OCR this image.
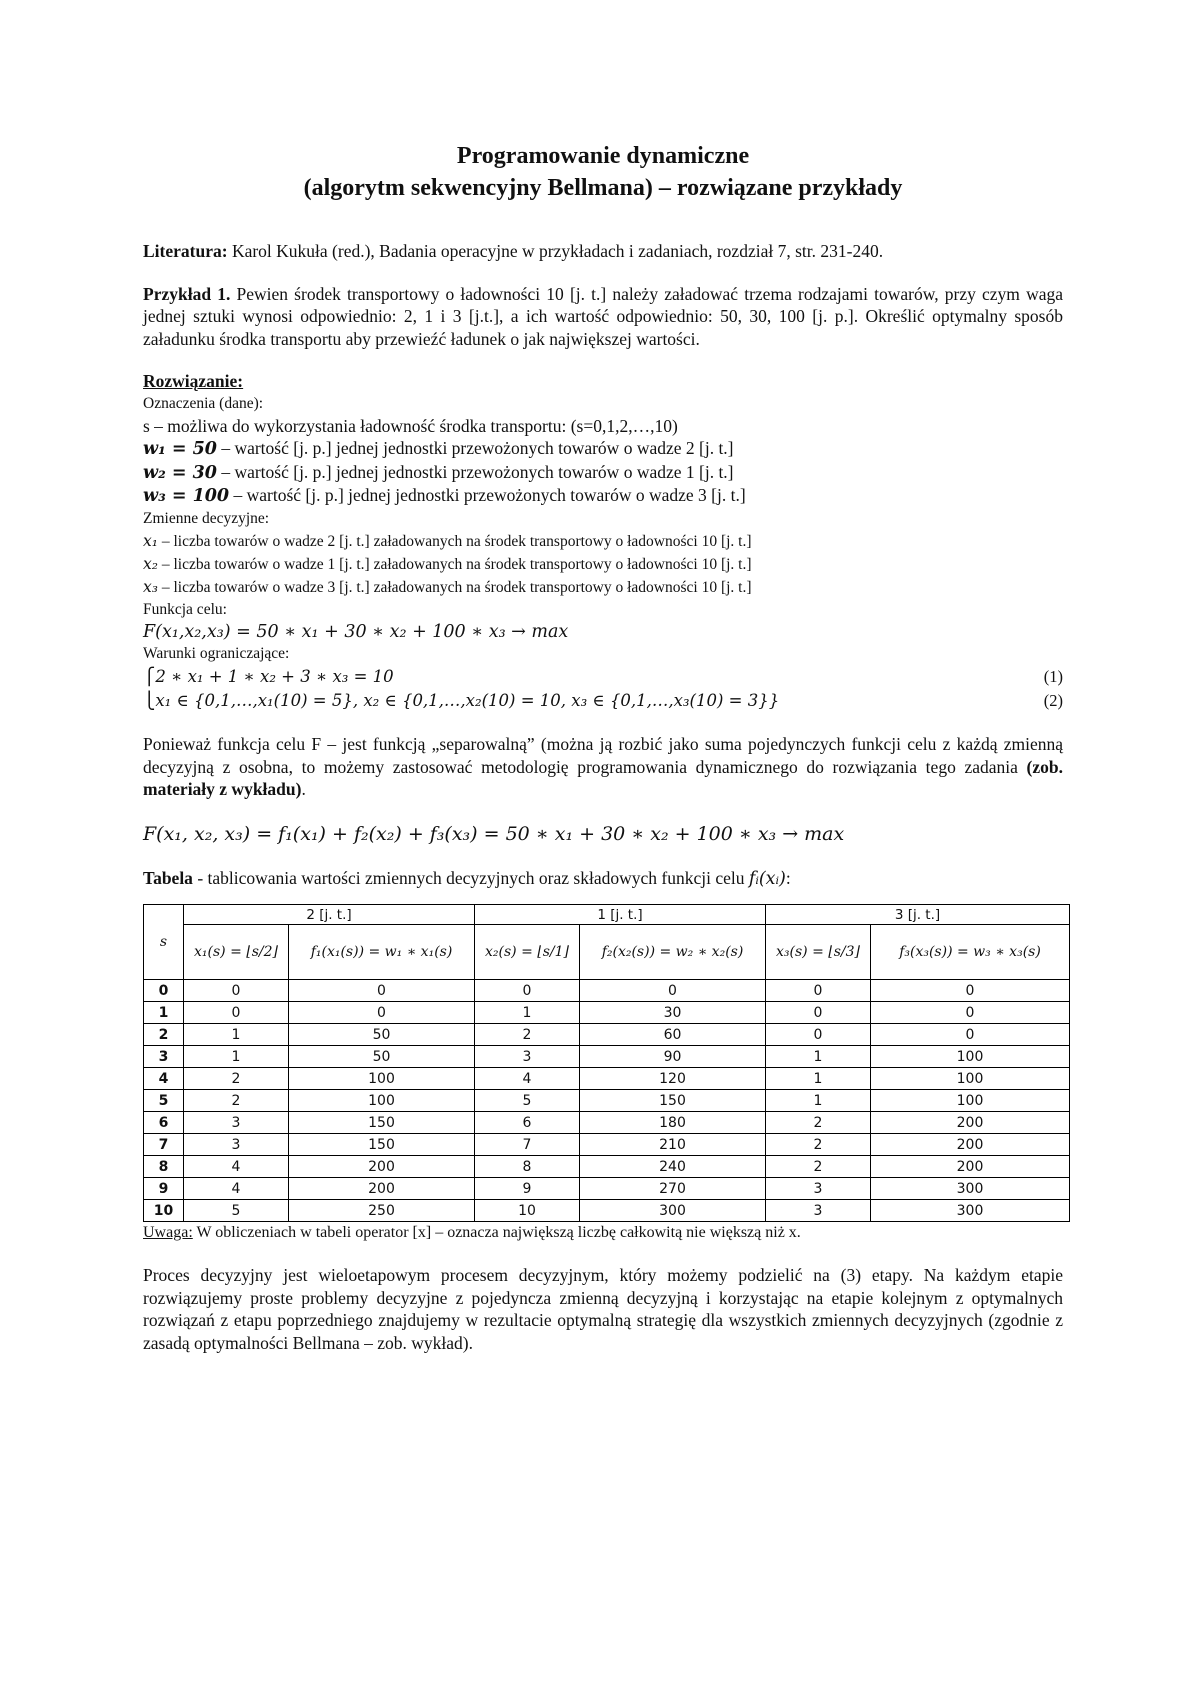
Programowanie dynamiczne

(algorytm sekwencyjny Bellmana) – rozwiązane przykłady

Literatura: Karol Kukuła (red.), Badania operacyjne w przykładach i zadaniach, rozdział 7, str. 231-240.

Przykład 1. Pewien środek transportowy o ładowności 10 [j. t.] należy załadować trzema rodzajami towarów, przy czym waga jednej sztuki wynosi odpowiednio: 2, 1 i 3 [j.t.], a ich wartość odpowiednio: 50, 30, 100 [j. p.]. Określić optymalny sposób załadunku środka transportu aby przewieźć ładunek o jak największej wartości.

Rozwiązanie:

Oznaczenia (dane):

s – możliwa do wykorzystania ładowność środka transportu: (s=0,1,2,…,10)

w₁ = 50 – wartość [j. p.] jednej jednostki przewożonych towarów o wadze 2 [j. t.]

w₂ = 30 – wartość [j. p.] jednej jednostki przewożonych towarów o wadze 1 [j. t.]

w₃ = 100 – wartość [j. p.] jednej jednostki przewożonych towarów o wadze 3 [j. t.]

Zmienne decyzyjne:

x₁ – liczba towarów o wadze 2 [j. t.] załadowanych na środek transportowy o ładowności 10 [j. t.]

x₂ – liczba towarów o wadze 1 [j. t.] załadowanych na środek transportowy o ładowności 10 [j. t.]

x₃ – liczba towarów o wadze 3 [j. t.] załadowanych na środek transportowy o ładowności 10 [j. t.]

Funkcja celu:

F(x₁,x₂,x₃) = 50 ∗ x₁ + 30 ∗ x₂ + 100 ∗ x₃ → max

Warunki ograniczające:

⎧2 ∗ x₁ + 1 ∗ x₂ + 3 ∗ x₃ = 10	(1)
⎩x₁ ∈ {0,1,…,x₁(10) = 5}, x₂ ∈ {0,1,…,x₂(10) = 10, x₃ ∈ {0,1,…,x₃(10) = 3}}	(2)

Ponieważ funkcja celu F – jest funkcją „separowalną” (można ją rozbić jako suma pojedynczych funkcji celu z każdą zmienną decyzyjną z osobna, to możemy zastosować metodologię programowania dynamicznego do rozwiązania tego zadania (zob. materiały z wykładu).

F(x₁, x₂, x₃) = f₁(x₁) + f₂(x₂) + f₃(x₃) = 50 ∗ x₁ + 30 ∗ x₂ + 100 ∗ x₃ → max

Tabela - tablicowania wartości zmiennych decyzyjnych oraz składowych funkcji celu fᵢ(xᵢ):

s	2 [j. t.]		1 [j. t.]		3 [j. t.]	
	x₁(s) = ⌊s/2⌋	f₁(x₁(s)) = w₁ ∗ x₁(s)	x₂(s) = ⌊s/1⌋	f₂(x₂(s)) = w₂ ∗ x₂(s)	x₃(s) = ⌊s/3⌋	f₃(x₃(s)) = w₃ ∗ x₃(s)
0	0	0	0	0	0	0
1	0	0	1	30	0	0
2	1	50	2	60	0	0
3	1	50	3	90	1	100
4	2	100	4	120	1	100
5	2	100	5	150	1	100
6	3	150	6	180	2	200
7	3	150	7	210	2	200
8	4	200	8	240	2	200
9	4	200	9	270	3	300
10	5	250	10	300	3	300

Uwaga: W obliczeniach w tabeli operator [x] – oznacza największą liczbę całkowitą nie większą niż x.

Proces decyzyjny jest wieloetapowym procesem decyzyjnym, który możemy podzielić na (3) etapy. Na każdym etapie rozwiązujemy proste problemy decyzyjne z pojedyncza zmienną decyzyjną i korzystając na etapie kolejnym z optymalnych rozwiązań z etapu poprzedniego znajdujemy w rezultacie optymalną strategię dla wszystkich zmiennych decyzyjnych (zgodnie z zasadą optymalności Bellmana – zob. wykład).
